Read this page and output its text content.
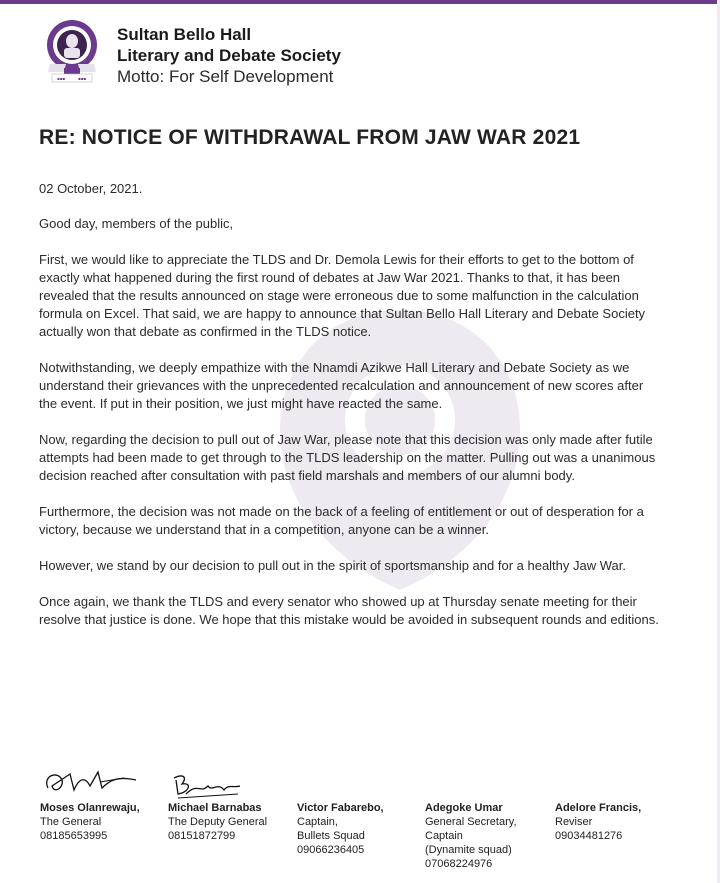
▪▪▪	▪▪▪
Sultan Bello Hall
Literary and Debate Society
Motto: For Self Development
RE: NOTICE OF WITHDRAWAL FROM JAW WAR 2021

02 October, 2021.

Good day, members of the public,

First, we would like to appreciate the TLDS and Dr. Demola Lewis for their efforts to get to the bottom of exactly what happened during the first round of debates at Jaw War 2021. Thanks to that, it has been revealed that the results announced on stage were erroneous due to some malfunction in the calculation formula on Excel. That said, we are happy to announce that Sultan Bello Hall Literary and Debate Society actually won that debate as confirmed in the TLDS notice.

Notwithstanding, we deeply empathize with the Nnamdi Azikwe Hall Literary and Debate Society as we understand their grievances with the unprecedented recalculation and announcement of new scores after the event. If put in their position, we just might have reacted the same.

Now, regarding the decision to pull out of Jaw War, please note that this decision was only made after futile attempts had been made to get through to the TLDS leadership on the matter. Pulling out was a unanimous decision reached after consultation with past field marshals and members of our alumni body.

Furthermore, the decision was not made on the back of a feeling of entitlement or out of desperation for a victory, because we understand that in a competition, anyone can be a winner.

However, we stand by our decision to pull out in the spirit of sportsmanship and for a healthy Jaw War.

Once again, we thank the TLDS and every senator who showed up at Thursday senate meeting for their resolve that justice is done. We hope that this mistake would be avoided in subsequent rounds and editions.

Moses Olanrewaju,
The General
08185653995
Michael Barnabas
The Deputy General
08151872799
Victor Fabarebo,
Captain,
Bullets Squad
09066236405
Adegoke Umar
General Secretary,
Captain
(Dynamite squad)
07068224976
Adelore Francis,
Reviser
09034481276
